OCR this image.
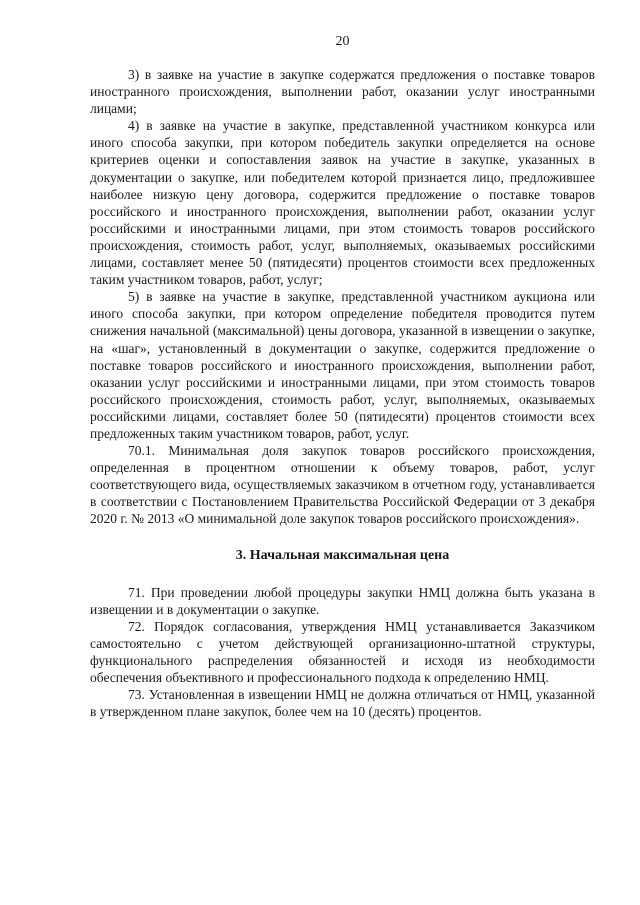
20

3) в заявке на участие в закупке содержатся предложения о поставке товаров иностранного происхождения, выполнении работ, оказании услуг иностранными лицами;

4) в заявке на участие в закупке, представленной участником конкурса или иного способа закупки, при котором победитель закупки определяется на основе критериев оценки и сопоставления заявок на участие в закупке, указанных в документации о закупке, или победителем которой признается лицо, предложившее наиболее низкую цену договора, содержится предложение о поставке товаров российского и иностранного происхождения, выполнении работ, оказании услуг российскими и иностранными лицами, при этом стоимость товаров российского происхождения, стоимость работ, услуг, выполняемых, оказываемых российскими лицами, составляет менее 50 (пятидесяти) процентов стоимости всех предложенных таким участником товаров, работ, услуг;

5) в заявке на участие в закупке, представленной участником аукциона или иного способа закупки, при котором определение победителя проводится путем снижения начальной (максимальной) цены договора, указанной в извещении о закупке, на «шаг», установленный в документации о закупке, содержится предложение о поставке товаров российского и иностранного происхождения, выполнении работ, оказании услуг российскими и иностранными лицами, при этом стоимость товаров российского происхождения, стоимость работ, услуг, выполняемых, оказываемых российскими лицами, составляет более 50 (пятидесяти) процентов стоимости всех предложенных таким участником товаров, работ, услуг.

70.1. Минимальная доля закупок товаров российского происхождения, определенная в процентном отношении к объему товаров, работ, услуг соответствующего вида, осуществляемых заказчиком в отчетном году, устанавливается в соответствии с Постановлением Правительства Российской Федерации от 3 декабря 2020 г. № 2013 «О минимальной доле закупок товаров российского происхождения».

3. Начальная максимальная цена

71. При проведении любой процедуры закупки НМЦ должна быть указана в извещении и в документации о закупке.

72. Порядок согласования, утверждения НМЦ устанавливается Заказчиком самостоятельно с учетом действующей организационно-штатной структуры, функционального распределения обязанностей и исходя из необходимости обеспечения объективного и профессионального подхода к определению НМЦ.

73. Установленная в извещении НМЦ не должна отличаться от НМЦ, указанной в утвержденном плане закупок, более чем на 10 (десять) процентов.
